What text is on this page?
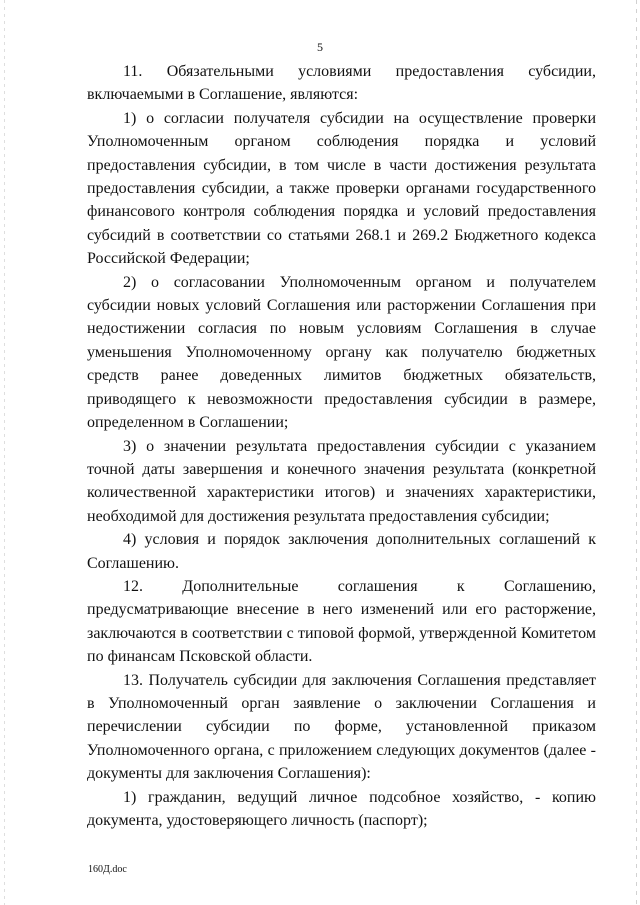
5

11. Обязательными условиями предоставления субсидии, включаемыми в Соглашение, являются:

1) о согласии получателя субсидии на осуществление проверки Уполномоченным органом соблюдения порядка и условий предоставления субсидии, в том числе в части достижения результата предоставления субсидии, а также проверки органами государственного финансового контроля соблюдения порядка и условий предоставления субсидий в соответствии со статьями 268.1 и 269.2 Бюджетного кодекса Российской Федерации;

2) о согласовании Уполномоченным органом и получателем субсидии новых условий Соглашения или расторжении Соглашения при недостижении согласия по новым условиям Соглашения в случае уменьшения Уполномоченному органу как получателю бюджетных средств ранее доведенных лимитов бюджетных обязательств, приводящего к невозможности предоставления субсидии в размере, определенном в Соглашении;

3) о значении результата предоставления субсидии с указанием точной даты завершения и конечного значения результата (конкретной количественной характеристики итогов) и значениях характеристики, необходимой для достижения результата предоставления субсидии;

4) условия и порядок заключения дополнительных соглашений к Соглашению.

12. Дополнительные соглашения к Соглашению, предусматривающие внесение в него изменений или его расторжение, заключаются в соответствии с типовой формой, утвержденной Комитетом по финансам Псковской области.

13. Получатель субсидии для заключения Соглашения представляет в Уполномоченный орган заявление о заключении Соглашения и перечислении субсидии по форме, установленной приказом Уполномоченного органа, с приложением следующих документов (далее - документы для заключения Соглашения):

1) гражданин, ведущий личное подсобное хозяйство, - копию документа, удостоверяющего личность (паспорт);

160Д.doc
